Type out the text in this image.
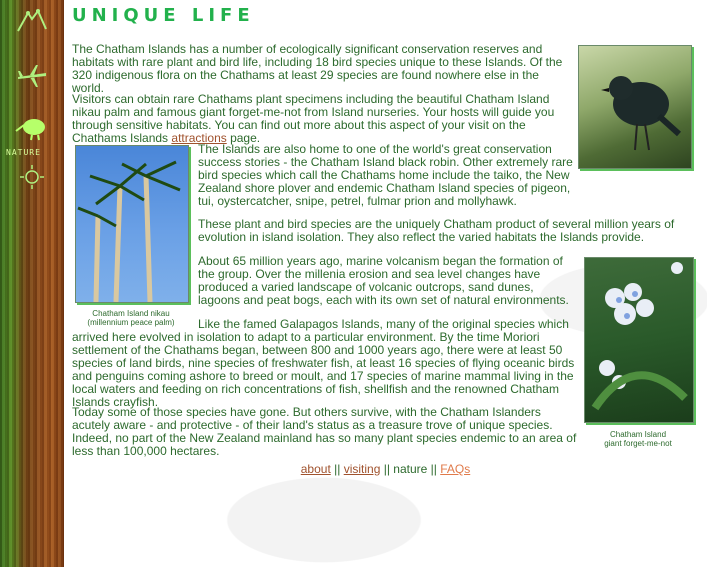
NATURE
UNIQUE LIFE

The Chatham Islands has a number of ecologically significant conservation reserves and habitats with rare plant and bird life, including 18 bird species unique to these Islands. Of the 320 indigenous flora on the Chathams at least 29 species are found nowhere else in the world.

Visitors can obtain rare Chathams plant specimens including the beautiful Chatham Island nikau palm and famous giant forget-me-not from Island nurseries. Your hosts will guide you through sensitive habitats. You can find out more about this aspect of your visit on the Chathams Islands attractions page.

Chatham Island nikau (millennium peace palm)

The Islands are also home to one of the world's great conservation success stories - the Chatham Island black robin. Other extremely rare bird species which call the Chathams home include the taiko, the New Zealand shore plover and endemic Chatham Island species of pigeon, tui, oystercatcher, snipe, petrel, fulmar prion and mollyhawk.

These plant and bird species are the uniquely Chatham product of several million years of evolution in island isolation. They also reflect the varied habitats the Islands provide.

About 65 million years ago, marine volcanism began the formation of the group. Over the millenia erosion and sea level changes have produced a varied landscape of volcanic outcrops, sand dunes, lagoons and peat bogs, each with its own set of natural environments.

Chatham Island
giant forget-me-not

Like the famed Galapagos Islands, many of the original species which arrived here evolved in isolation to adapt to a particular environment. By the time Moriori settlement of the Chathams began, between 800 and 1000 years ago, there were at least 50 species of land birds, nine species of freshwater fish, at least 16 species of flying oceanic birds and penguins coming ashore to breed or moult, and 17 species of marine mammal living in the local waters and feeding on rich concentrations of fish, shellfish and the renowned Chatham Islands crayfish.

Today some of those species have gone. But others survive, with the Chatham Islanders acutely aware - and protective - of their land's status as a treasure trove of unique species. Indeed, no part of the New Zealand mainland has so many plant species endemic to an area of less than 100,000 hectares.

about || visiting || nature || FAQs
